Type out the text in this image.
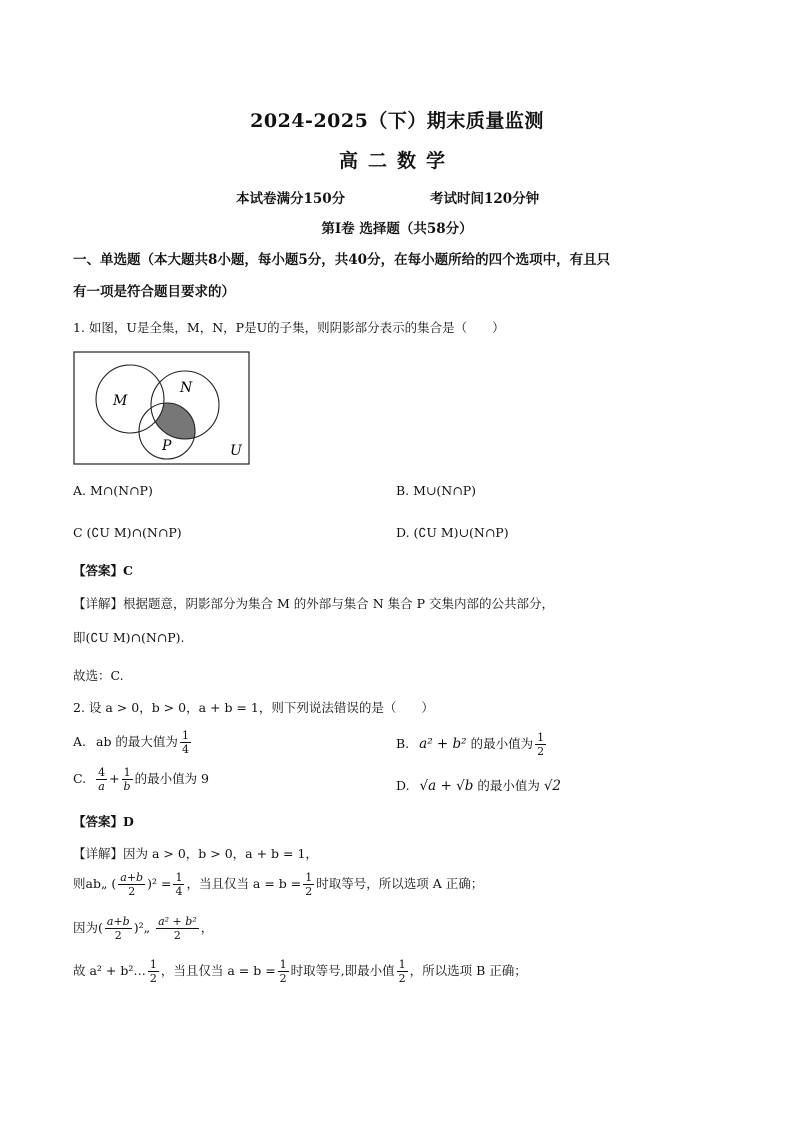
2024-2025（下）期末质量监测
高二数学
本试卷满分150分	考试时间120分钟
第Ⅰ卷 选择题（共58分）
一、单选题（本大题共8小题，每小题5分，共40分，在每小题所给的四个选项中，有且只
有一项是符合题目要求的）
1. 如图，U是全集，M，N，P是U的子集，则阴影部分表示的集合是（　　）
M
N
P	U
A. M∩(N∩P)	B. M∪(N∩P)
C (∁U M)∩(N∩P)	D. (∁U M)∪(N∩P)
【答案】C
【详解】根据题意，阴影部分为集合 M 的外部与集合 N 集合 P 交集内部的公共部分，
即(∁U M)∩(N∩P).
故选：C.
2. 设 a > 0，b > 0，a + b = 1，则下列说法错误的是（　　）
A. ab 的最大值为 $\frac{1}{4}$	B. a² + b² 的最小值为 $\frac{1}{2}$
C. $\frac{4}{a} + \frac{1}{b}$ 的最小值为 9	D. √a + √b 的最小值为 √2
【答案】D
【详解】因为 a > 0，b > 0，a + b = 1，
则ab„ ( $\frac{a+b}{2} )^2 = \frac{1}{4}$ ，当且仅当 $a = b = \frac{1}{2}$ 时取等号，所以选项 A 正确；
因为( $\frac{a+b}{2}$ )²„ $\frac{\text{a² + b²}}{2}$ ，
故 a² + b²… $\frac{1}{2}$ ，当且仅当 $a = b = \frac{1}{2}$ 时取等号,即最小值 $\frac{1}{2}$ ，所以选项 B 正确；
